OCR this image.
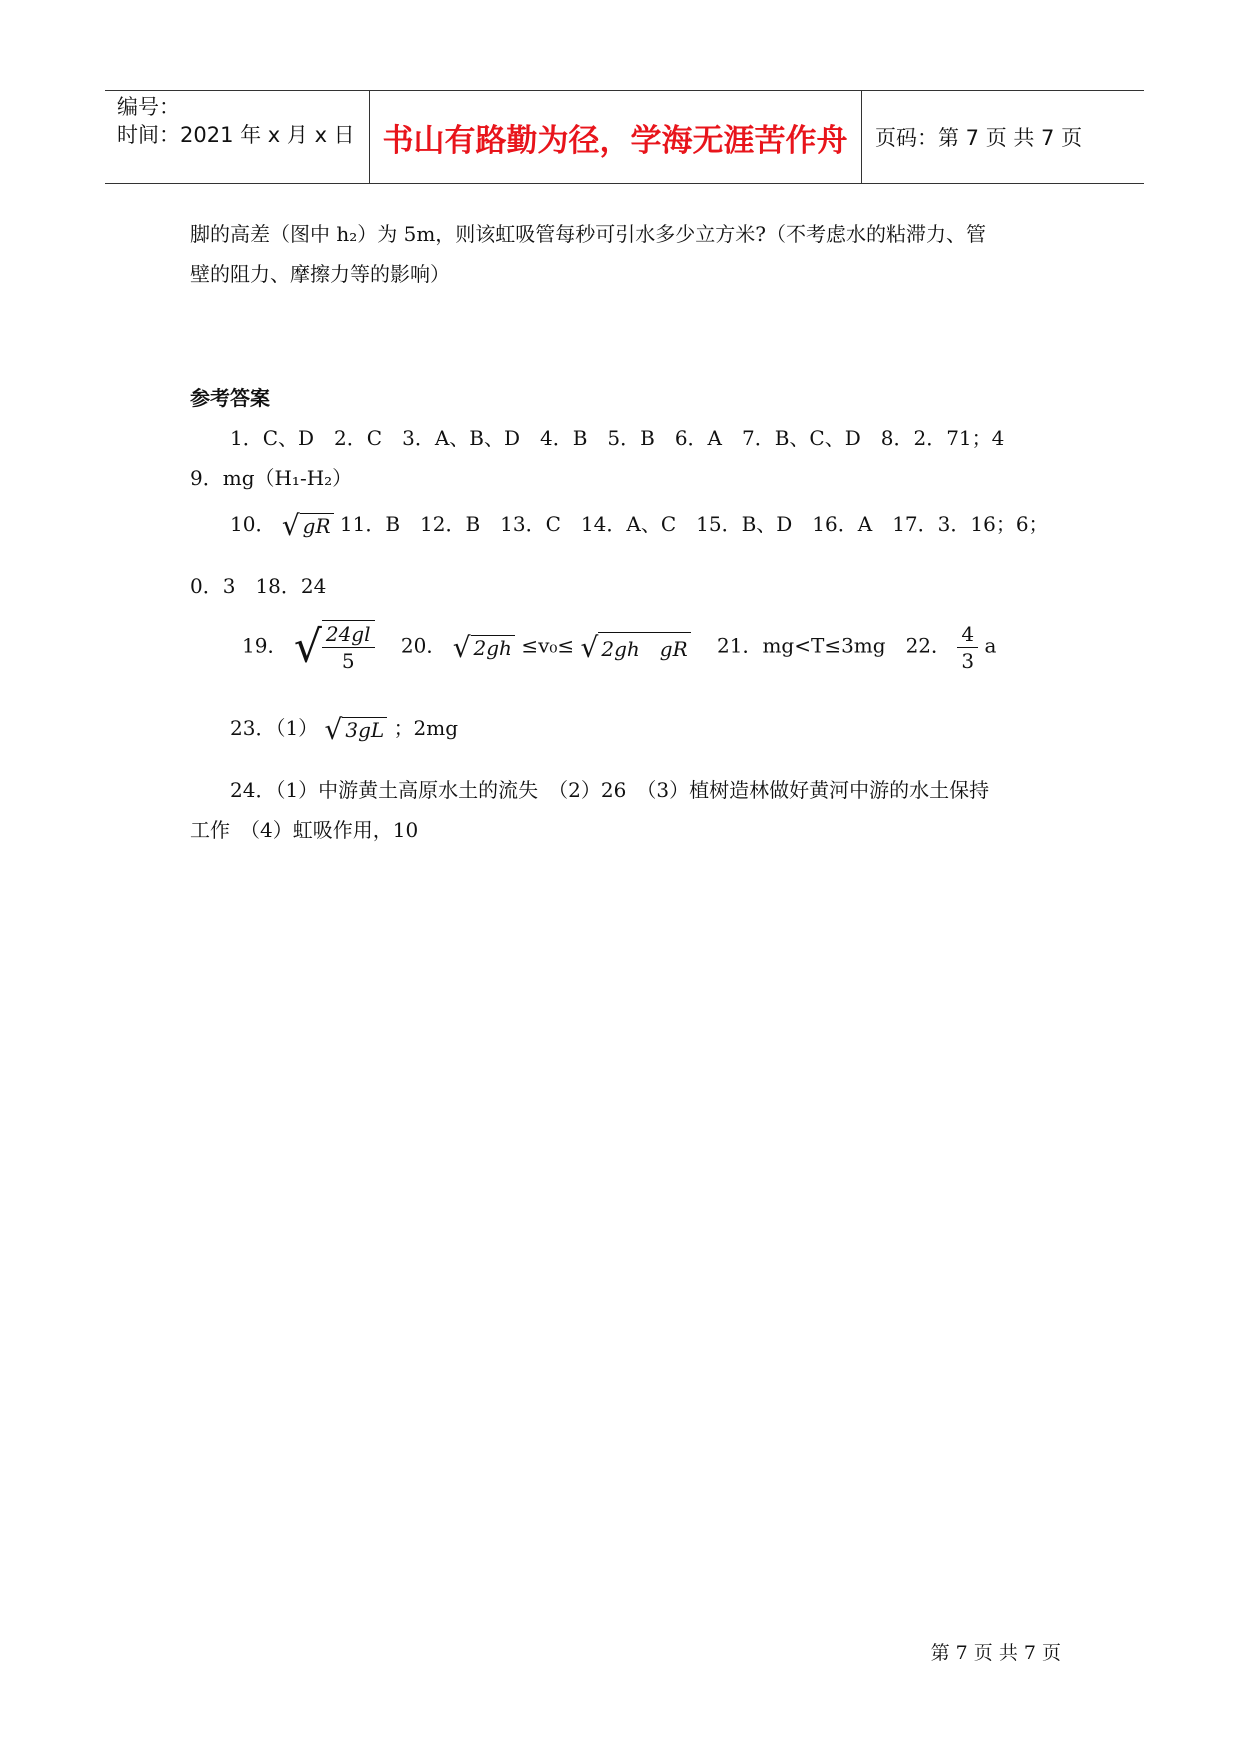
编号：
时间：2021 年 x 月 x 日 书山有路勤为径，学海无涯苦作舟	页码：第 7 页 共 7 页
脚的高差（图中 h₂）为 5m，则该虹吸管每秒可引水多少立方米?（不考虑水的粘滞力、管
壁的阻力、摩擦力等的影响）
参考答案
1．C、D　2．C　3．A、B、D　4．B　5．B　6．A　7．B、C、D　8．2．71；4
9．mg（H₁-H₂）
10． √ gR 11．B　12．B　13．C　14．A、C　15．B、D　16．A　17．3．16；6；
0．3　18．24
19． √ $\frac{24gl}{5}$ 　20． √ 2gh ≤v₀≤ √ 2gh　gR 　21．mg<T≤3mg　22． $\frac{4}{3}$ a
23．（1） √ 3gL ；2mg
24．（1）中游黄土高原水土的流失　（2）26　（3）植树造林做好黄河中游的水土保持
工作　（4）虹吸作用，10
第 7 页 共 7 页
